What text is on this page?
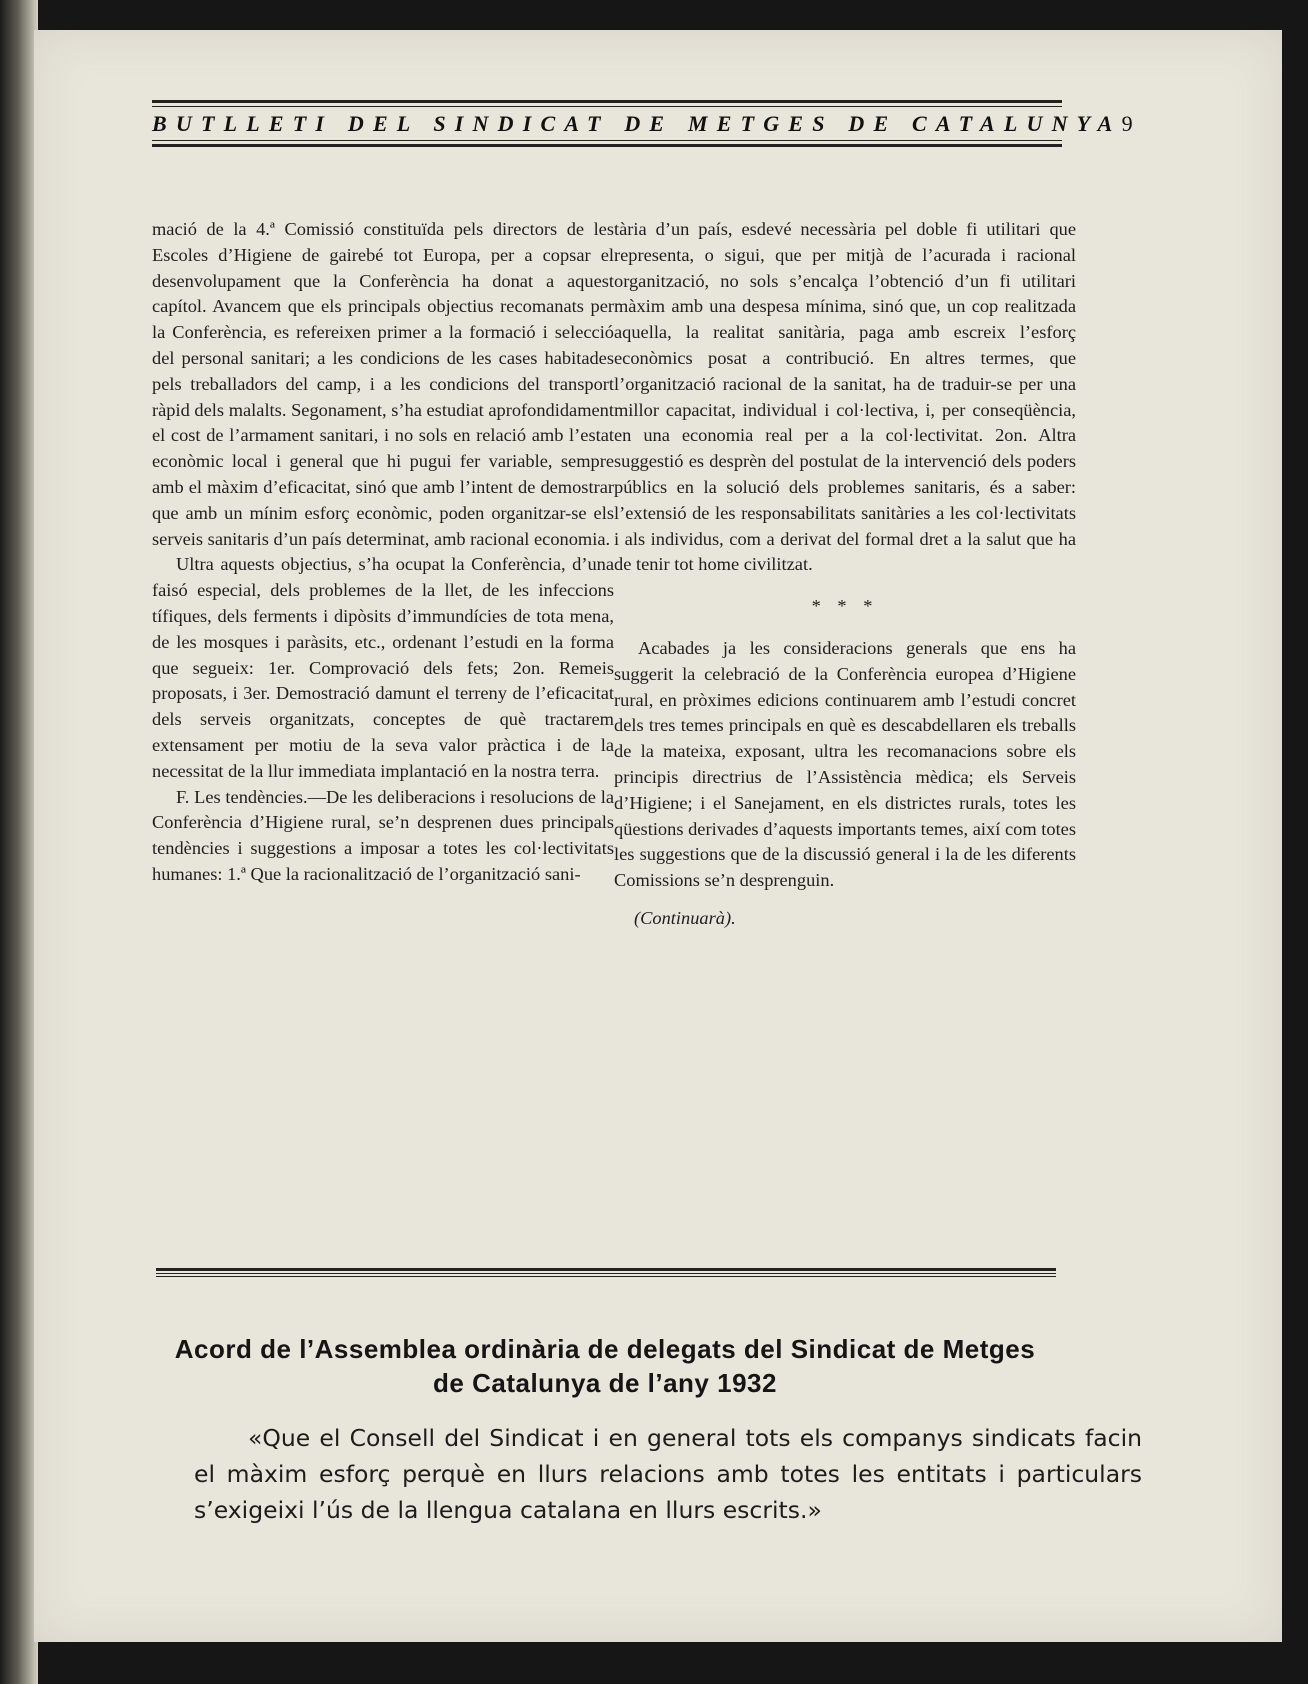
BUTLLETI DEL SINDICAT DE METGES DE CATALUNYA 9

mació de la 4.ª Comissió constituïda pels directors de les Escoles d’Higiene de gairebé tot Europa, per a copsar el desenvolupament que la Conferència ha donat a aquest capítol. Avancem que els principals objectius recomanats per la Conferència, es refereixen primer a la formació i selecció del personal sanitari; a les condicions de les cases habitades pels treballadors del camp, i a les condicions del transport ràpid dels malalts. Segonament, s’ha estudiat aprofondidament el cost de l’armament sanitari, i no sols en relació amb l’estat econòmic local i general que hi pugui fer variable, sempre amb el màxim d’eficacitat, sinó que amb l’intent de demostrar que amb un mínim esforç econòmic, poden organitzar-se els serveis sanitaris d’un país determinat, amb racional economia.

Ultra aquests objectius, s’ha ocupat la Conferència, d’una faisó especial, dels problemes de la llet, de les infeccions tífiques, dels ferments i dipòsits d’immundícies de tota mena, de les mosques i paràsits, etc., ordenant l’estudi en la forma que segueix: 1er. Comprovació dels fets; 2on. Remeis proposats, i 3er. Demostració damunt el terreny de l’eficacitat dels serveis organitzats, conceptes de què tractarem extensament per motiu de la seva valor pràctica i de la necessitat de la llur immediata implantació en la nostra terra.

F. Les tendències.—De les deliberacions i resolucions de la Conferència d’Higiene rural, se’n desprenen dues principals tendències i suggestions a imposar a totes les col·lectivitats humanes: 1.ª Que la racionalització de l’organització sani-

tària d’un país, esdevé necessària pel doble fi utilitari que representa, o sigui, que per mitjà de l’acurada i racional organització, no sols s’encalça l’obtenció d’un fi utilitari màxim amb una despesa mínima, sinó que, un cop realitzada aquella, la realitat sanitària, paga amb escreix l’esforç econòmics posat a contribució. En altres termes, que l’organització racional de la sanitat, ha de traduir-se per una millor capacitat, individual i col·lectiva, i, per conseqüència, en una economia real per a la col·lectivitat. 2on. Altra suggestió es desprèn del postulat de la intervenció dels poders públics en la solució dels problemes sanitaris, és a saber: l’extensió de les responsabilitats sanitàries a les col·lectivitats i als individus, com a derivat del formal dret a la salut que ha de tenir tot home civilitzat.

* * *

Acabades ja les consideracions generals que ens ha suggerit la celebració de la Conferència europea d’Higiene rural, en pròximes edicions continuarem amb l’estudi concret dels tres temes principals en què es descabdellaren els treballs de la mateixa, exposant, ultra les recomanacions sobre els principis directrius de l’Assistència mèdica; els Serveis d’Higiene; i el Sanejament, en els districtes rurals, totes les qüestions derivades d’aquests importants temes, així com totes les suggestions que de la discussió general i la de les diferents Comissions se’n desprenguin.

(Continuarà).

Acord de l’Assemblea ordinària de delegats del Sindicat de Metges
de Catalunya de l’any 1932
«Que el Consell del Sindicat i en general tots els companys sindicats facin el màxim esforç perquè en llurs relacions amb totes les entitats i particulars s’exigeixi l’ús de la llengua catalana en llurs escrits.»
